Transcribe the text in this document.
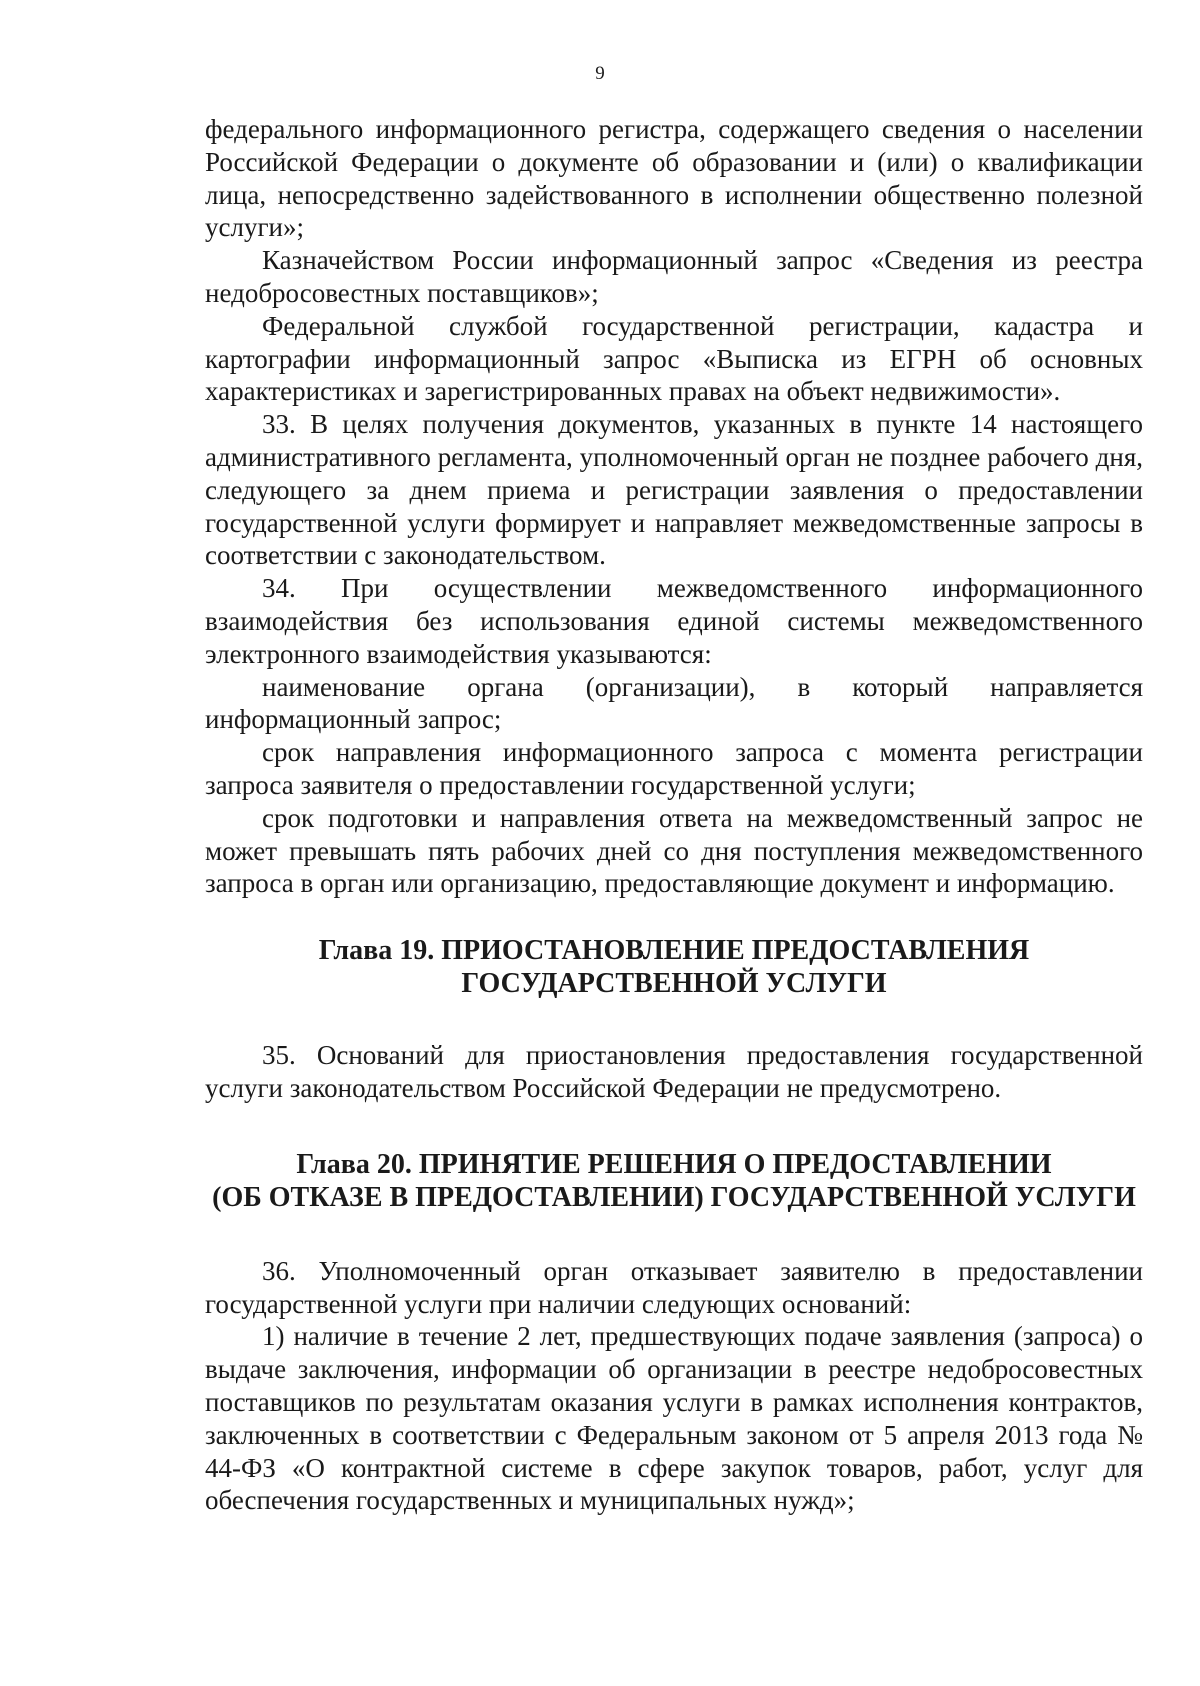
9

федерального информационного регистра, содержащего сведения о населении Российской Федерации о документе об образовании и (или) о квалификации лица, непосредственно задействованного в исполнении общественно полезной услуги»;

Казначейством России информационный запрос «Сведения из реестра недобросовестных поставщиков»;

Федеральной службой государственной регистрации, кадастра и картографии информационный запрос «Выписка из ЕГРН об основных характеристиках и зарегистрированных правах на объект недвижимости».

33. В целях получения документов, указанных в пункте 14 настоящего административного регламента, уполномоченный орган не позднее рабочего дня, следующего за днем приема и регистрации заявления о предоставлении государственной услуги формирует и направляет межведомственные запросы в соответствии с законодательством.

34. При осуществлении межведомственного информационного взаимодействия без использования единой системы межведомственного электронного взаимодействия указываются:

наименование органа (организации), в который направляется информационный запрос;

срок направления информационного запроса с момента регистрации запроса заявителя о предоставлении государственной услуги;

срок подготовки и направления ответа на межведомственный запрос не может превышать пять рабочих дней со дня поступления межведомственного запроса в орган или организацию, предоставляющие документ и информацию.

Глава 19. ПРИОСТАНОВЛЕНИЕ ПРЕДОСТАВЛЕНИЯ
ГОСУДАРСТВЕННОЙ УСЛУГИ

35. Оснований для приостановления предоставления государственной услуги законодательством Российской Федерации не предусмотрено.

Глава 20. ПРИНЯТИЕ РЕШЕНИЯ О ПРЕДОСТАВЛЕНИИ
(ОБ ОТКАЗЕ В ПРЕДОСТАВЛЕНИИ) ГОСУДАРСТВЕННОЙ УСЛУГИ

36. Уполномоченный орган отказывает заявителю в предоставлении государственной услуги при наличии следующих оснований:

1) наличие в течение 2 лет, предшествующих подаче заявления (запроса) о выдаче заключения, информации об организации в реестре недобросовестных поставщиков по результатам оказания услуги в рамках исполнения контрактов, заключенных в соответствии с Федеральным законом от 5 апреля 2013 года № 44-ФЗ «О контрактной системе в сфере закупок товаров, работ, услуг для обеспечения государственных и муниципальных нужд»;
